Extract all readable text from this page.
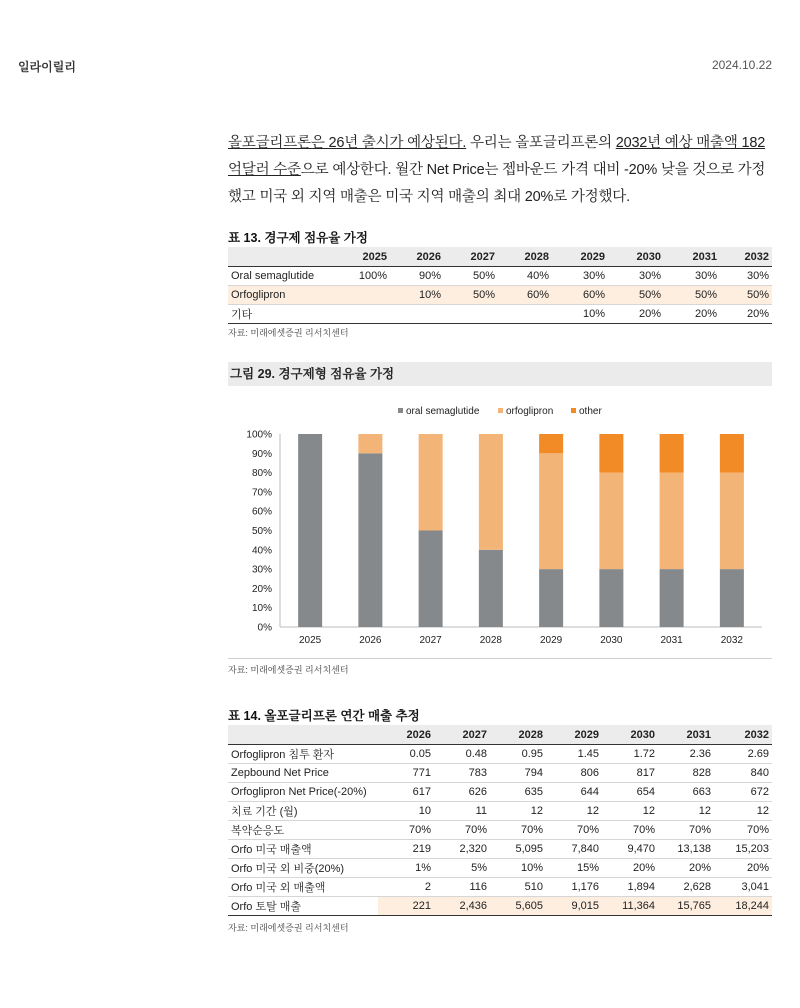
일라이릴리	2024.10.22
올포글리프론은 26년 출시가 예상된다. 우리는 올포글리프론의 2032년 예상 매출액 182억달러 수준으로 예상한다. 월간 Net Price는 젭바운드 가격 대비 -20% 낮을 것으로 가정했고 미국 외 지역 매출은 미국 지역 매출의 최대 20%로 가정했다.
표 13. 경구제 점유율 가정
	2025	2026	2027	2028	2029	2030	2031	2032
Oral semaglutide	100%	90%	50%	40%	30%	30%	30%	30%
Orfoglipron		10%	50%	60%	60%	50%	50%	50%
기타					10%	20%	20%	20%
자료: 미래에셋증권 리서치센터
그림 29. 경구제형 점유율 가정
0%
10%
20%
30%
40%
50%
60%
70%
80%
90%
100%
2025	2026	2027	2028	2029	2030	2031	2032
oral semaglutide	orfoglipron	other
자료: 미래에셋증권 리서치센터
표 14. 올포글리프론 연간 매출 추정
	2026	2027	2028	2029	2030	2031	2032
Orfoglipron 침투 환자	0.05	0.48	0.95	1.45	1.72	2.36	2.69
Zepbound Net Price	771	783	794	806	817	828	840
Orfoglipron Net Price(-20%)	617	626	635	644	654	663	672
치료 기간 (월)	10	11	12	12	12	12	12
복약순응도	70%	70%	70%	70%	70%	70%	70%
Orfo 미국 매출액	219	2,320	5,095	7,840	9,470	13,138	15,203
Orfo 미국 외 비중(20%)	1%	5%	10%	15%	20%	20%	20%
Orfo 미국 외 매출액	2	116	510	1,176	1,894	2,628	3,041
Orfo 토탈 매출	221	2,436	5,605	9,015	11,364	15,765	18,244
자료: 미래에셋증권 리서치센터
